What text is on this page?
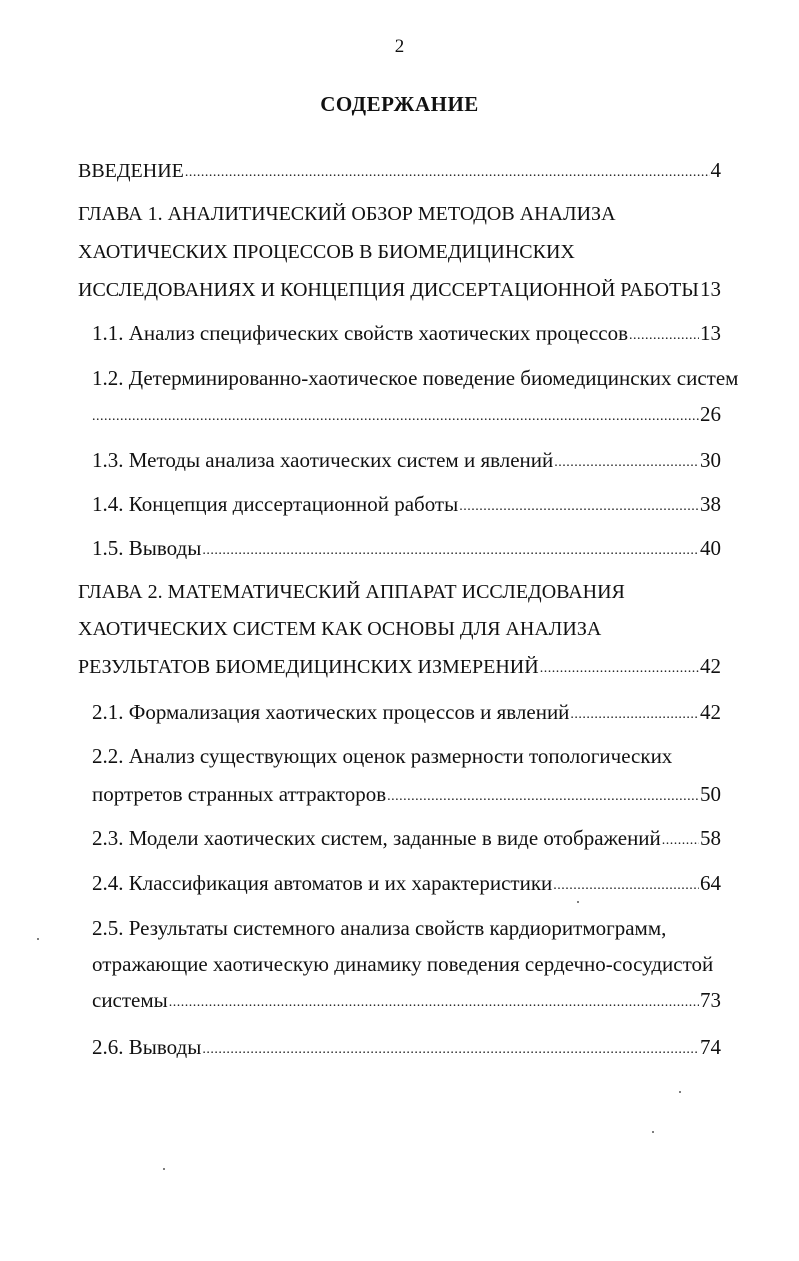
2
СОДЕРЖАНИЕ
ВВЕДЕНИЕ .....	4
ГЛАВА 1. АНАЛИТИЧЕСКИЙ ОБЗОР МЕТОДОВ АНАЛИЗА
ХАОТИЧЕСКИХ ПРОЦЕССОВ В БИОМЕДИЦИНСКИХ
ИССЛЕДОВАНИЯХ И КОНЦЕПЦИЯ ДИССЕРТАЦИОННОЙ РАБОТЫ 13
1.1. Анализ специфических свойств хаотических процессов .....	13
1.2. Детерминированно-хаотическое поведение биомедицинских систем
.....
26
1.3. Методы анализа хаотических систем и явлений .....	30
1.4. Концепция диссертационной работы .....	38
1.5. Выводы .....	40
ГЛАВА 2. МАТЕМАТИЧЕСКИЙ АППАРАТ ИССЛЕДОВАНИЯ
ХАОТИЧЕСКИХ СИСТЕМ КАК ОСНОВЫ ДЛЯ АНАЛИЗА
РЕЗУЛЬТАТОВ БИОМЕДИЦИНСКИХ ИЗМЕРЕНИЙ .....	42
2.1. Формализация хаотических процессов и явлений .....	42
2.2. Анализ существующих оценок размерности топологических
портретов странных аттракторов .....	50
2.3. Модели хаотических систем, заданные в виде отображений ..... 58
2.4. Классификация автоматов и их характеристики .....	64
2.5. Результаты системного анализа свойств кардиоритмограмм,
отражающие хаотическую динамику поведения сердечно-сосудистой
системы .....	73
2.6. Выводы .....	74
